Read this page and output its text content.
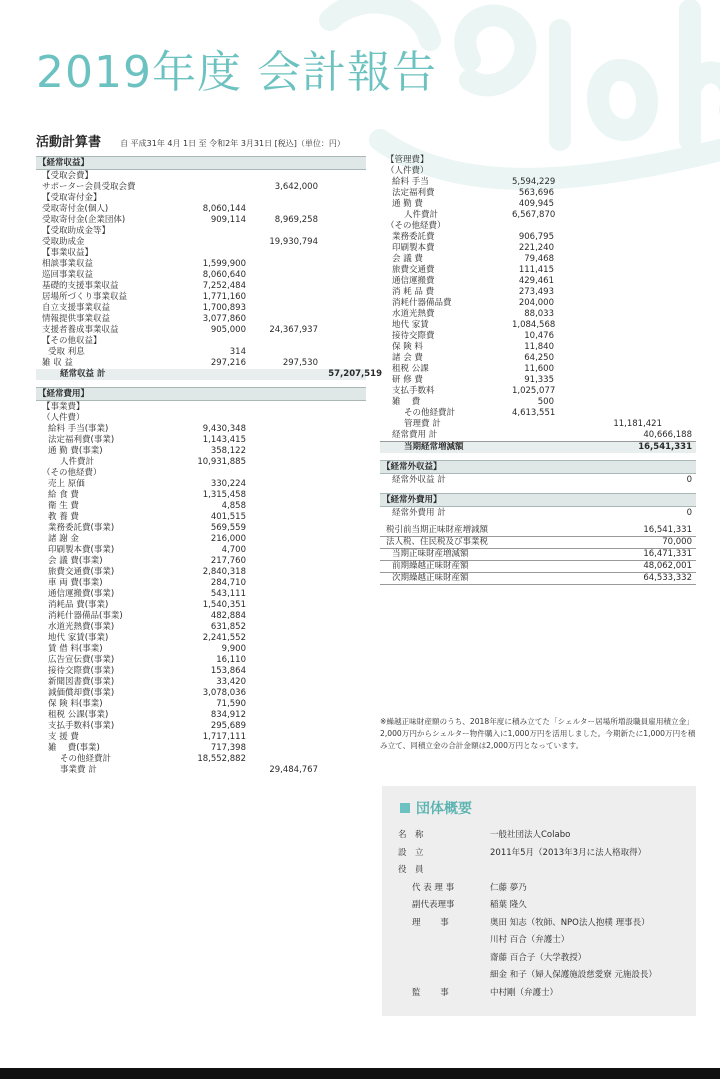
2019年度 会計報告
活動計算書 自 平成31年 4月 1日 至 令和2年 3月31日 [税込]（単位：円）
【経常収益】
【受取会費】
サポーター会員受取会費	3,642,000
【受取寄付金】
受取寄付金(個人)	8,060,144
受取寄付金(企業団体)	909,114	8,969,258
【受取助成金等】
受取助成金	19,930,794
【事業収益】
相談事業収益	1,599,900
巡回事業収益	8,060,640
基礎的支援事業収益	7,252,484
居場所づくり事業収益	1,771,160
自立支援事業収益	1,700,893
情報提供事業収益	3,077,860
支援者養成事業収益	905,000	24,367,937
【その他収益】
受取 利息	314
雑 収 益	297,216	297,530
経常収益 計	57,207,519
【経常費用】
【事業費】
（人件費）
給料 手当(事業)	9,430,348
法定福利費(事業)	1,143,415
通 勤 費(事業)	358,122
人件費計	10,931,885
（その他経費）
売上 原価	330,224
給 食 費	1,315,458
衛 生 費	4,858
教 養 費	401,515
業務委託費(事業)	569,559
諸 謝 金	216,000
印刷製本費(事業)	4,700
会 議 費(事業)	217,760
旅費交通費(事業)	2,840,318
車 両 費(事業)	284,710
通信運搬費(事業)	543,111
消耗品 費(事業)	1,540,351
消耗什器備品(事業)	482,884
水道光熱費(事業)	631,852
地代 家賃(事業)	2,241,552
賃 借 料(事業)	9,900
広告宣伝費(事業)	16,110
接待交際費(事業)	153,864
新聞図書費(事業)	33,420
減価償却費(事業)	3,078,036
保 険 料(事業)	71,590
租税 公課(事業)	834,912
支払手数料(事業)	295,689
支 援 費	1,717,111
雑　 費(事業)	717,398
その他経費計	18,552,882
事業費 計	29,484,767
【管理費】
（人件費）
給料 手当	5,594,229
法定福利費	563,696
通 勤 費	409,945
人件費計	6,567,870
（その他経費）
業務委託費	906,795
印刷製本費	221,240
会 議 費	79,468
旅費交通費	111,415
通信運搬費	429,461
消 耗 品 費	273,493
消耗什器備品費	204,000
水道光熱費	88,033
地代 家賃	1,084,568
接待交際費	10,476
保 険 料	11,840
諸 会 費	64,250
租税 公課	11,600
研 修 費	91,335
支払手数料	1,025,077
雑　 費	500
その他経費計	4,613,551
管理費 計	11,181,421
経常費用 計	40,666,188
当期経常増減額	16,541,331
【経常外収益】
経常外収益 計	0
【経常外費用】
経常外費用 計	0
税引前当期正味財産増減額	16,541,331
法人税、住民税及び事業税	70,000
当期正味財産増減額	16,471,331
前期繰越正味財産額	48,062,001
次期繰越正味財産額	64,533,332
※繰越正味財産額のうち、2018年度に積み立てた「シェルター居場所増設職員雇用積立金」2,000万円からシェルター物件購入に1,000万円を活用しました。今期新たに1,000万円を積み立て、同積立金の合計金額は2,000万円となっています。
団体概要
名　称	一般社団法人Colabo
設　立	2011年5月（2013年3月に法人格取得）
役　員
代 表 理 事	仁藤 夢乃
副代表理事	稲葉 隆久
理　　 事	奥田 知志（牧師、NPO法人抱樸 理事長）
川村 百合（弁護士）
齋藤 百合子（大学教授）
細金 和子（婦人保護施設慈愛寮 元施設長）
監　　 事	中村剛（弁護士）
